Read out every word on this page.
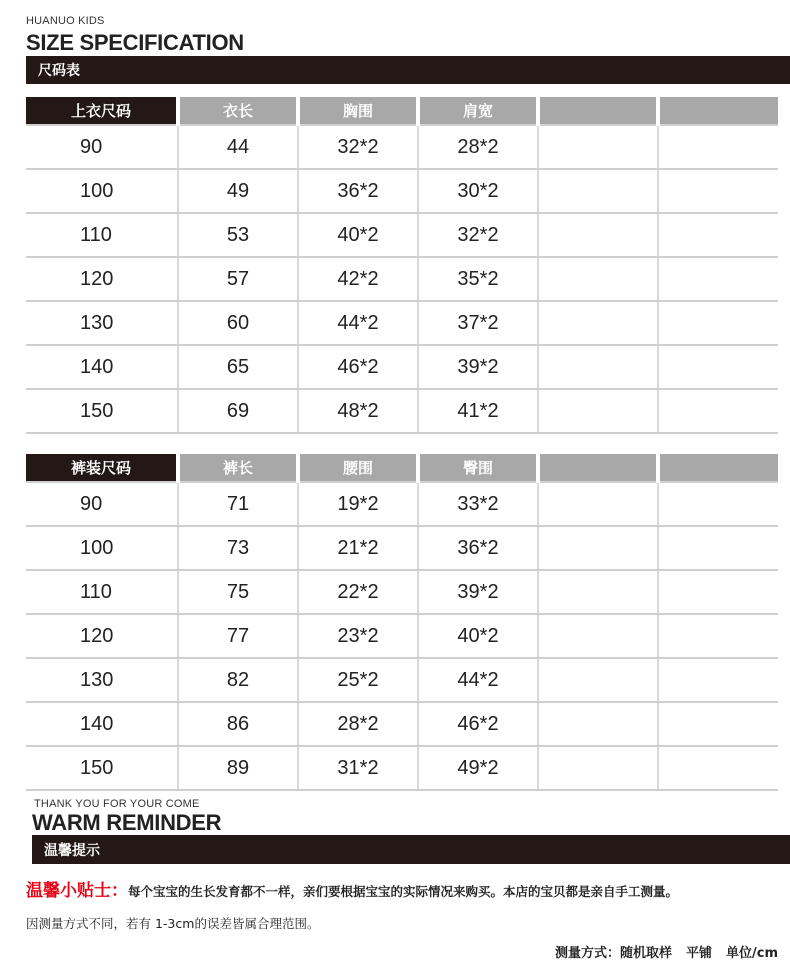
HUANUO KIDS
SIZE SPECIFICATION
尺码表
上衣尺码	衣长	胸围	肩宽		
90	44	32*2	28*2		
100	49	36*2	30*2		
110	53	40*2	32*2		
120	57	42*2	35*2		
130	60	44*2	37*2		
140	65	46*2	39*2		
150	69	48*2	41*2		
裤装尺码	裤长	腰围	臀围		
90	71	19*2	33*2		
100	73	21*2	36*2		
110	75	22*2	39*2		
120	77	23*2	40*2		
130	82	25*2	44*2		
140	86	28*2	46*2		
150	89	31*2	49*2		
THANK YOU FOR YOUR COME
WARM REMINDER
温馨提示
温馨小贴士：每个宝宝的生长发育都不一样，亲们要根据宝宝的实际情况来购买。本店的宝贝都是亲自手工测量。
因测量方式不同，若有 1-3cm的误差皆属合理范围。
测量方式：随机取样 平铺 单位/cm
